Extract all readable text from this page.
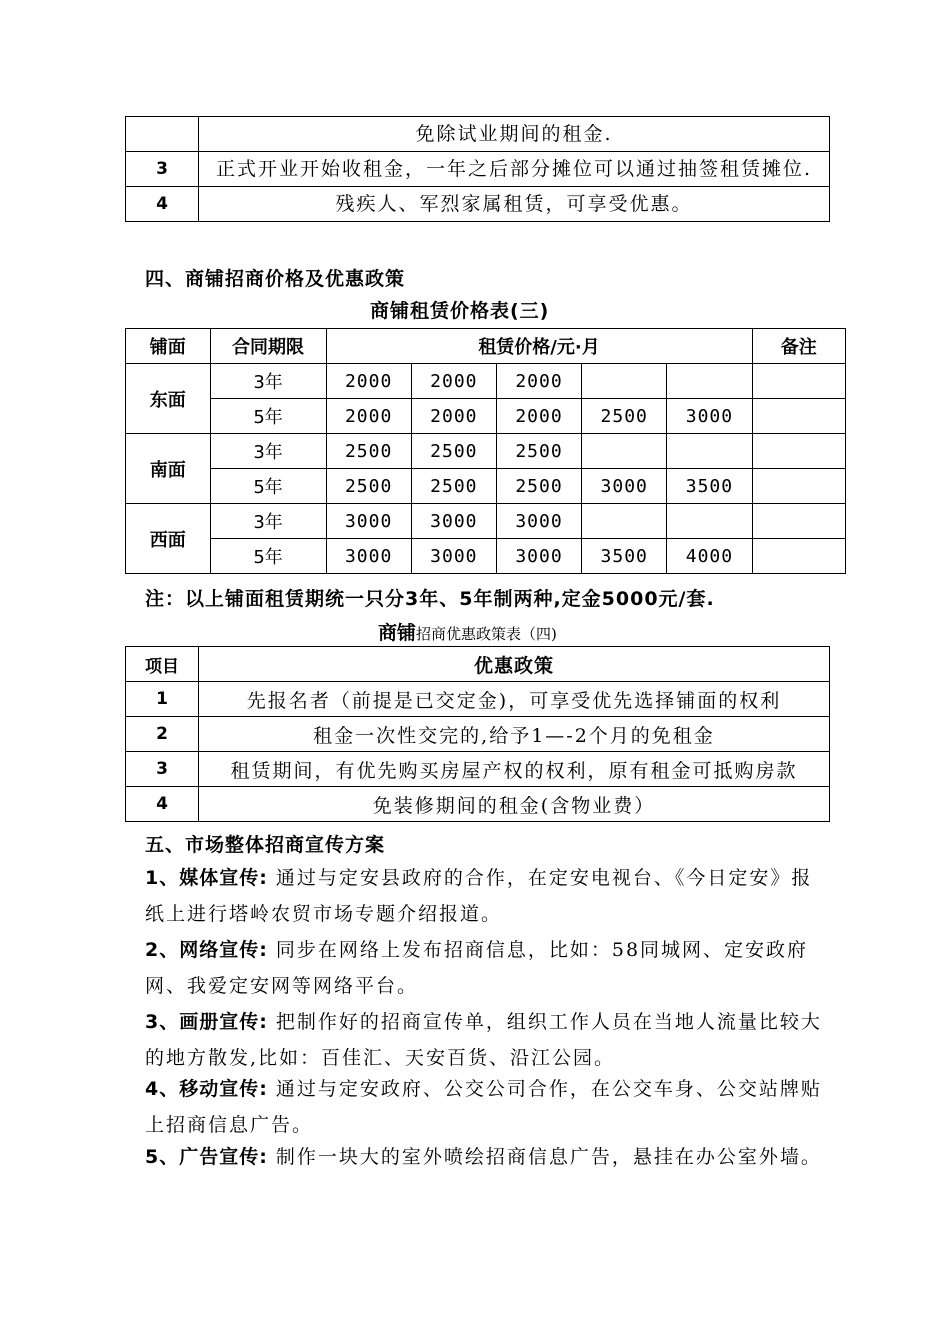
	免除试业期间的租金.
3	正式开业开始收租金，一年之后部分摊位可以通过抽签租赁摊位.
4	残疾人、军烈家属租赁，可享受优惠。
四、商铺招商价格及优惠政策
商铺租赁价格表(三)
铺面	合同期限	租赁价格/元·月					备注
东面	3年	2000	2000	2000			
	5年	2000	2000	2000	2500	3000	
南面	3年	2500	2500	2500			
	5年	2500	2500	2500	3000	3500	
西面	3年	3000	3000	3000			
	5年	3000	3000	3000	3500	4000	
注：以上铺面租赁期统一只分3年、5年制两种,定金5000元/套.
商铺招商优惠政策表（四)
项目	优惠政策
1	先报名者（前提是已交定金)，可享受优先选择铺面的权利
2	租金一次性交完的,给予1—-2个月的免租金
3	租赁期间，有优先购买房屋产权的权利，原有租金可抵购房款
4	免装修期间的租金(含物业费）
五、市场整体招商宣传方案
1、媒体宣传: 通过与定安县政府的合作，在定安电视台、《今日定安》报纸上进行塔岭农贸市场专题介绍报道。
2、网络宣传: 同步在网络上发布招商信息，比如：58同城网、定安政府网、我爱定安网等网络平台。
3、画册宣传: 把制作好的招商宣传单，组织工作人员在当地人流量比较大的地方散发,比如：百佳汇、天安百货、沿江公园。
4、移动宣传: 通过与定安政府、公交公司合作，在公交车身、公交站牌贴上招商信息广告。
5、广告宣传: 制作一块大的室外喷绘招商信息广告，悬挂在办公室外墙。
